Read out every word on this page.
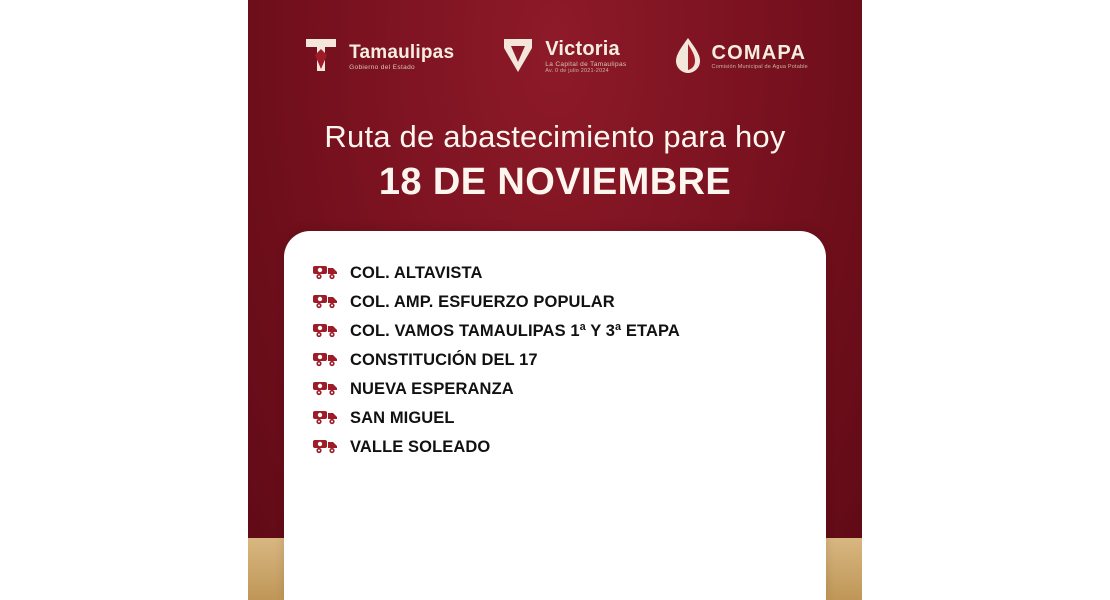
Tamaulipas
Gobierno del Estado
Victoria
La Capital de Tamaulipas
Av. 0 de julio 2021-2024
COMAPA
Comisión Municipal de Agua Potable
Ruta de abastecimiento para hoy
18 DE NOVIEMBRE
COL. ALTAVISTA
COL. AMP. ESFUERZO POPULAR
COL. VAMOS TAMAULIPAS 1ª Y 3ª ETAPA
CONSTITUCIÓN DEL 17
NUEVA ESPERANZA
SAN MIGUEL
VALLE SOLEADO
